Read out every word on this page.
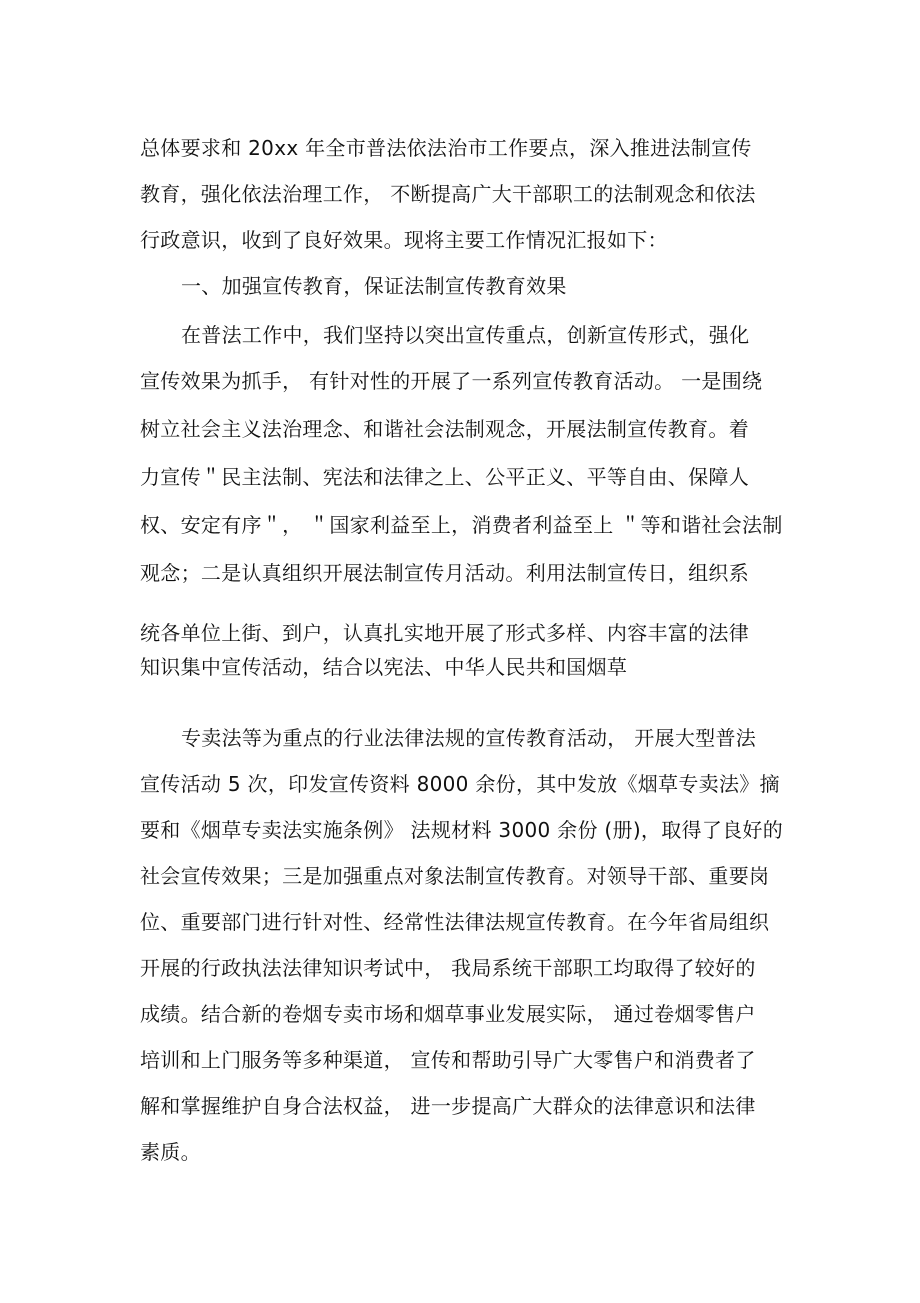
总体要求和 20xx 年全市普法依法治市工作要点，深入推进法制宣传
教育，强化依法治理工作， 不断提高广大干部职工的法制观念和依法
行政意识，收到了良好效果。现将主要工作情况汇报如下：
一、加强宣传教育，保证法制宣传教育效果
在普法工作中，我们坚持以突出宣传重点，创新宣传形式，强化
宣传效果为抓手， 有针对性的开展了一系列宣传教育活动。 一是围绕
树立社会主义法治理念、和谐社会法制观念，开展法制宣传教育。着
力宣传＂民主法制、宪法和法律之上、公平正义、平等自由、保障人
权、安定有序＂， ＂国家利益至上，消费者利益至上 ＂等和谐社会法制
观念；二是认真组织开展法制宣传月活动。利用法制宣传日，组织系
统各单位上街、到户，认真扎实地开展了形式多样、内容丰富的法律
知识集中宣传活动，结合以宪法、中华人民共和国烟草
专卖法等为重点的行业法律法规的宣传教育活动， 开展大型普法
宣传活动 5 次，印发宣传资料 8000 余份，其中发放《烟草专卖法》摘
要和《烟草专卖法实施条例》 法规材料 3000 余份 (册)，取得了良好的
社会宣传效果；三是加强重点对象法制宣传教育。对领导干部、重要岗
位、重要部门进行针对性、经常性法律法规宣传教育。在今年省局组织
开展的行政执法法律知识考试中， 我局系统干部职工均取得了较好的
成绩。结合新的卷烟专卖市场和烟草事业发展实际， 通过卷烟零售户
培训和上门服务等多种渠道， 宣传和帮助引导广大零售户和消费者了
解和掌握维护自身合法权益， 进一步提高广大群众的法律意识和法律
素质。
